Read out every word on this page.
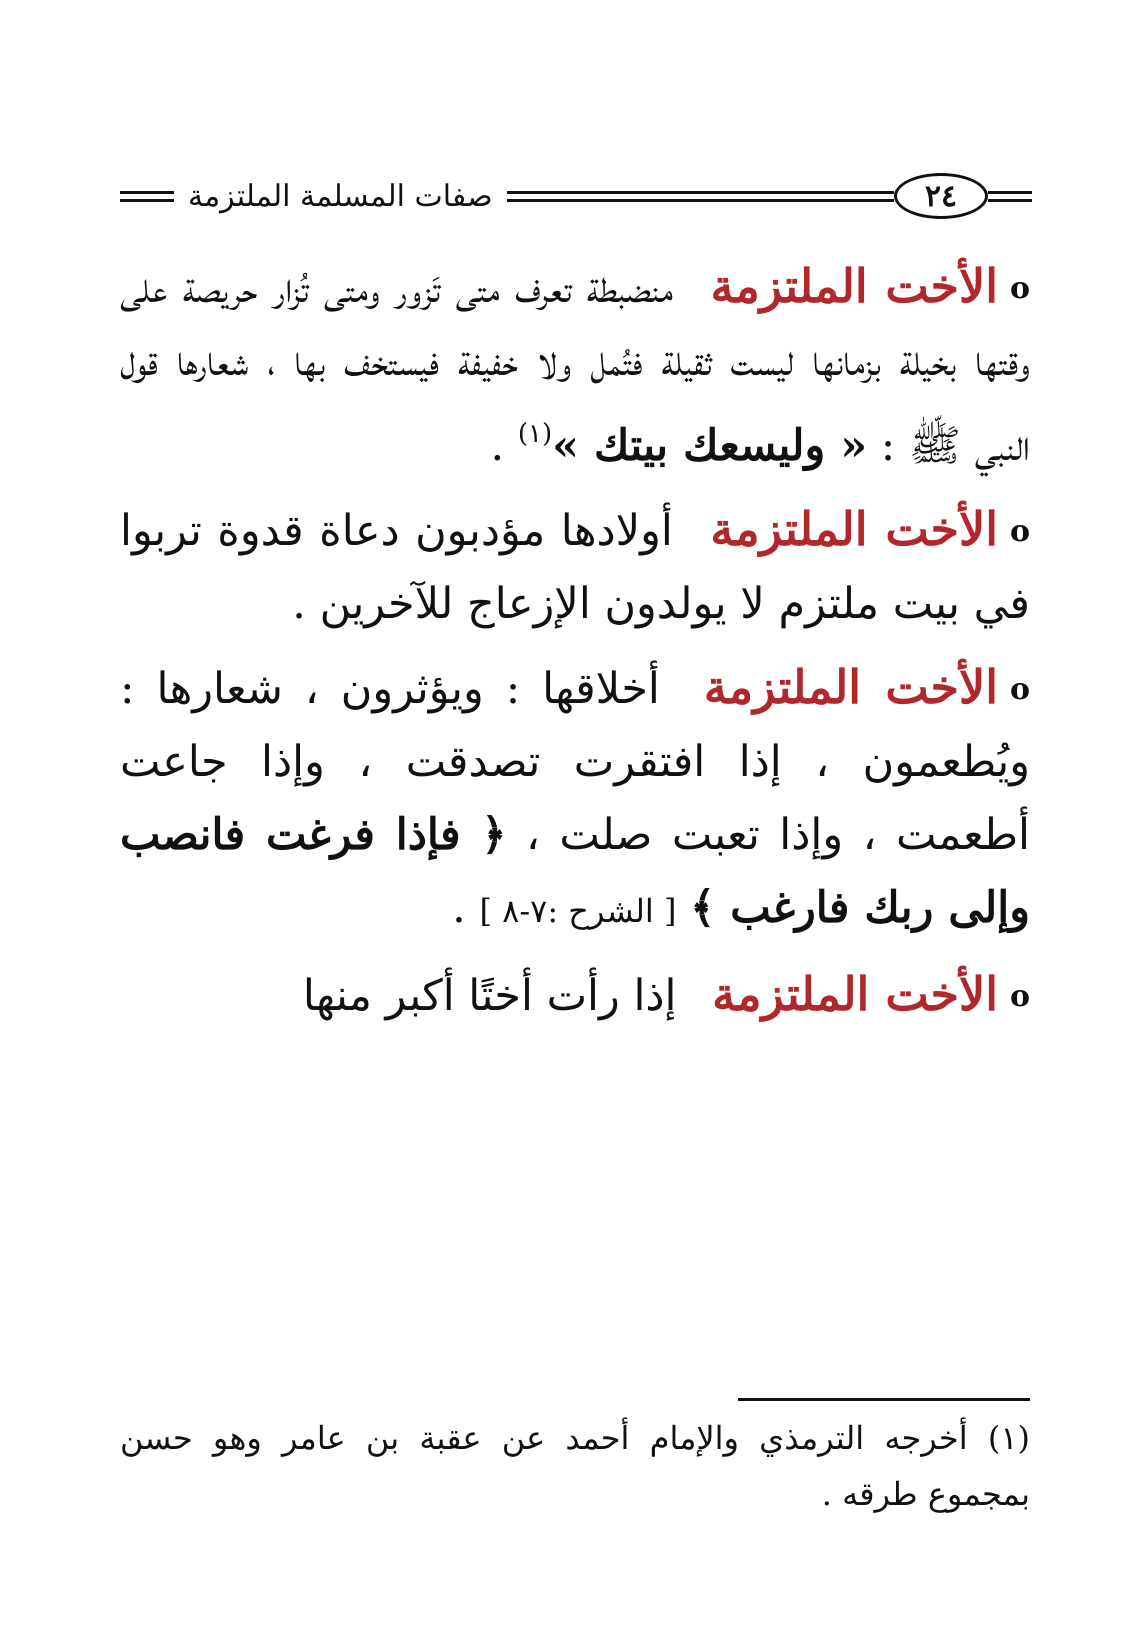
صفات المسلمة الملتزمة	٢٤

oالأخت الملتزمة منضبطة تعرف متى تَزور ومتى تُزار حريصة على وقتها بخيلة بزمانها ليست ثقيلة فتُمل ولا خفيفة فيستخف بها ، شعارها قول النبي ﷺ : « وليسعك بيتك »$^{(١)}$ .

oالأخت الملتزمة أولادها مؤدبون دعاة قدوة تربوا في بيت ملتزم لا يولدون الإزعاج للآخرين .

oالأخت الملتزمة أخلاقها : ويؤثرون ، شعارها : ويُطعمون ، إذا افتقرت تصدقت ، وإذا جاعت أطعمت ، وإذا تعبت صلت ، ﴿ فإذا فرغت فانصب وإلى ربك فارغب ﴾ [ الشرح :٧-٨ ] .

oالأخت الملتزمة إذا رأت أختًا أكبر منها

(١) أخرجه الترمذي والإمام أحمد عن عقبة بن عامر وهو حسن بمجموع طرقه .
